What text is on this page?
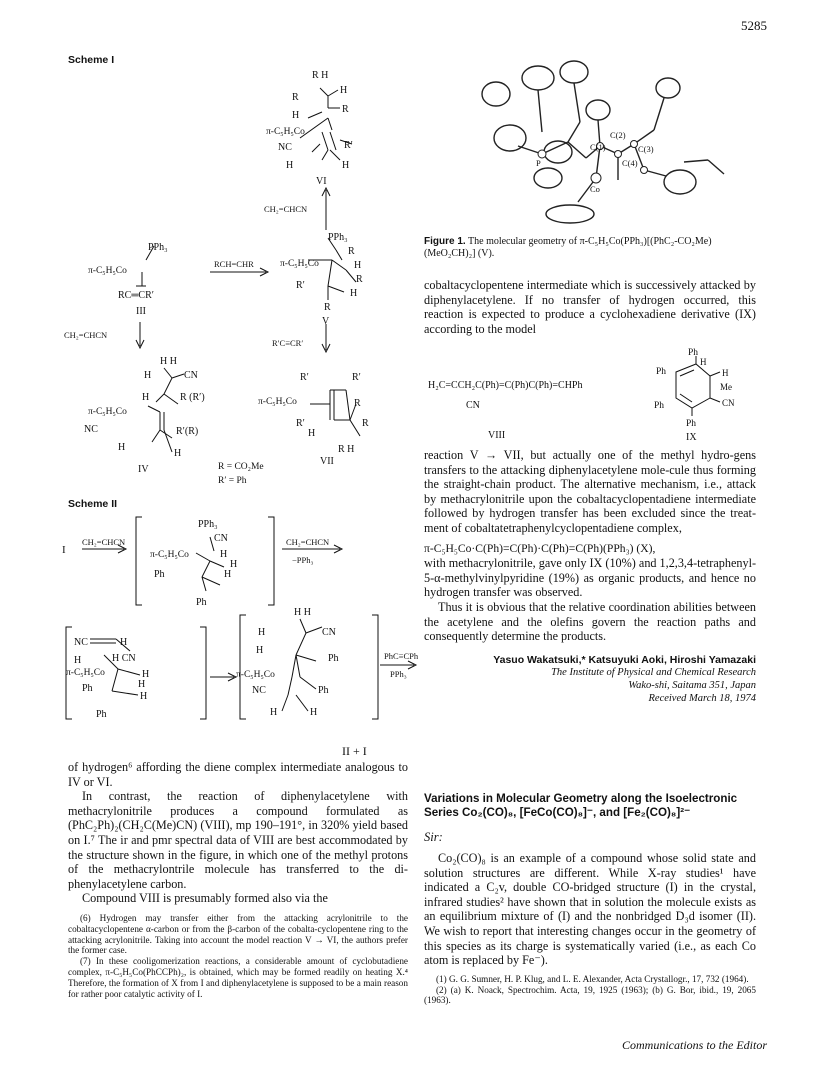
5285
Scheme I
R H
R
H
H
R
π-C₅H₅Co
NC	R′
H	H
VI
CH₂=CHCN
PPh₃
R
π-C₅H₅Co	H
R
R′
H
R
V
RCH=CHR
PPh₃
π-C₅H₅Co
RC═CR′
III
CH₂=CHCN
R′C≡CR′
H H
H	CN
H	R (R′)
π-C₅H₅Co
NC	R′(R)
H
H
IV
R′	R′
π-C₅H₅Co	R
R′	R
H
R H
VII
R = CO₂Me
R′ = Ph
Scheme II
I
CH₂=CHCN
PPh₃
CN
π-C₅H₅Co	H
H
Ph	H
Ph
CH₂=CHCN
−PPh₃
NC	H
H	H CN
π-C₅H₅Co	H
H
Ph
H
Ph
H H
H	CN
H
Ph
π-C₅H₅Co
NC	Ph
H	H
PhC≡CPh
PPh₃
II + I

of hydrogen⁶ affording the diene complex intermediate analogous to IV or VI.

In contrast, the reaction of diphenylacetylene with methacrylonitrile produces a compound formulated as (PhC₂Ph)₂(CH₂C(Me)CN) (VIII), mp 190–191°, in 320% yield based on I.⁷ The ir and pmr spectral data of VIII are best accommodated by the structure shown in the figure, in which one of the methyl protons of the methacrylontrile molecule has transferred to the di-phenylacetylene carbon.

Compound VIII is presumably formed also via the

(6) Hydrogen may transfer either from the attacking acrylonitrile to the cobaltacyclopentene α-carbon or from the β-carbon of the cobalta-cyclopentene ring to the attacking acrylonitrile. Taking into account the model reaction V → VI, the authors prefer the former case.

(7) In these cooligomerization reactions, a considerable amount of cyclobutadiene complex, π-C₅H₅Co(PhCCPh)₂, is obtained, which may be formed readily on heating X.⁴ Therefore, the formation of X from I and diphenylacetylene is supposed to be a main reason for rather poor catalytic activity of I.

C(2)
C(1)	C(3)
C(4)
Co
P
Figure 1. The molecular geometry of π-C₅H₅Co(PPh₃)[(PhC₂-CO₂Me)(MeO₂CH)₂] (V).

cobaltacyclopentene intermediate which is successively attacked by diphenylacetylene. If no transfer of hydrogen occurred, this reaction is expected to produce a cyclohexadiene derivative (IX) according to the model

H₂C=CCH₂C(Ph)=C(Ph)C(Ph)=CHPh
CN
VIII
Ph
H
Ph	H
Me
Ph	CN
Ph
IX

reaction V → VII, but actually one of the methyl hydro-gens transfers to the attacking diphenylacetylene mole-cule thus forming the straight-chain product. The alternative mechanism, i.e., attack by methacrylonitrile upon the cobaltacyclopentadiene intermediate followed by hydrogen transfer has been excluded since the treat-ment of cobaltatetraphenylcyclopentadiene complex,

π-C₅H₅Co·C(Ph)=C(Ph)·C(Ph)=C(Ph)(PPh₃) (X),

with methacrylonitrile, gave only IX (10%) and 1,2,3,4-tetraphenyl-5-α-methylvinylpyridine (19%) as organic products, and hence no hydrogen transfer was observed.

Thus it is obvious that the relative coordination abilities between the acetylene and the olefins govern the reaction paths and consequently determine the products.

Yasuo Wakatsuki,* Katsuyuki Aoki, Hiroshi Yamazaki
The Institute of Physical and Chemical Research
Wako-shi, Saitama 351, Japan
Received March 18, 1974
Variations in Molecular Geometry along the Isoelectronic Series Co₂(CO)₈, [FeCo(CO)₈]⁻, and [Fe₂(CO)₈]²⁻
Sir:

Co₂(CO)₈ is an example of a compound whose solid state and solution structures are different. While X-ray studies¹ have indicated a C₂v, double CO-bridged structure (I) in the crystal, infrared studies² have shown that in solution the molecule exists as an equilibrium mixture of (I) and the nonbridged D₃d isomer (II). We wish to report that interesting changes occur in the geometry of this species as its charge is systematically varied (i.e., as each Co atom is replaced by Fe⁻).

(1) G. G. Sumner, H. P. Klug, and L. E. Alexander, Acta Crystallogr., 17, 732 (1964).

(2) (a) K. Noack, Spectrochim. Acta, 19, 1925 (1963); (b) G. Bor, ibid., 19, 2065 (1963).

Communications to the Editor
